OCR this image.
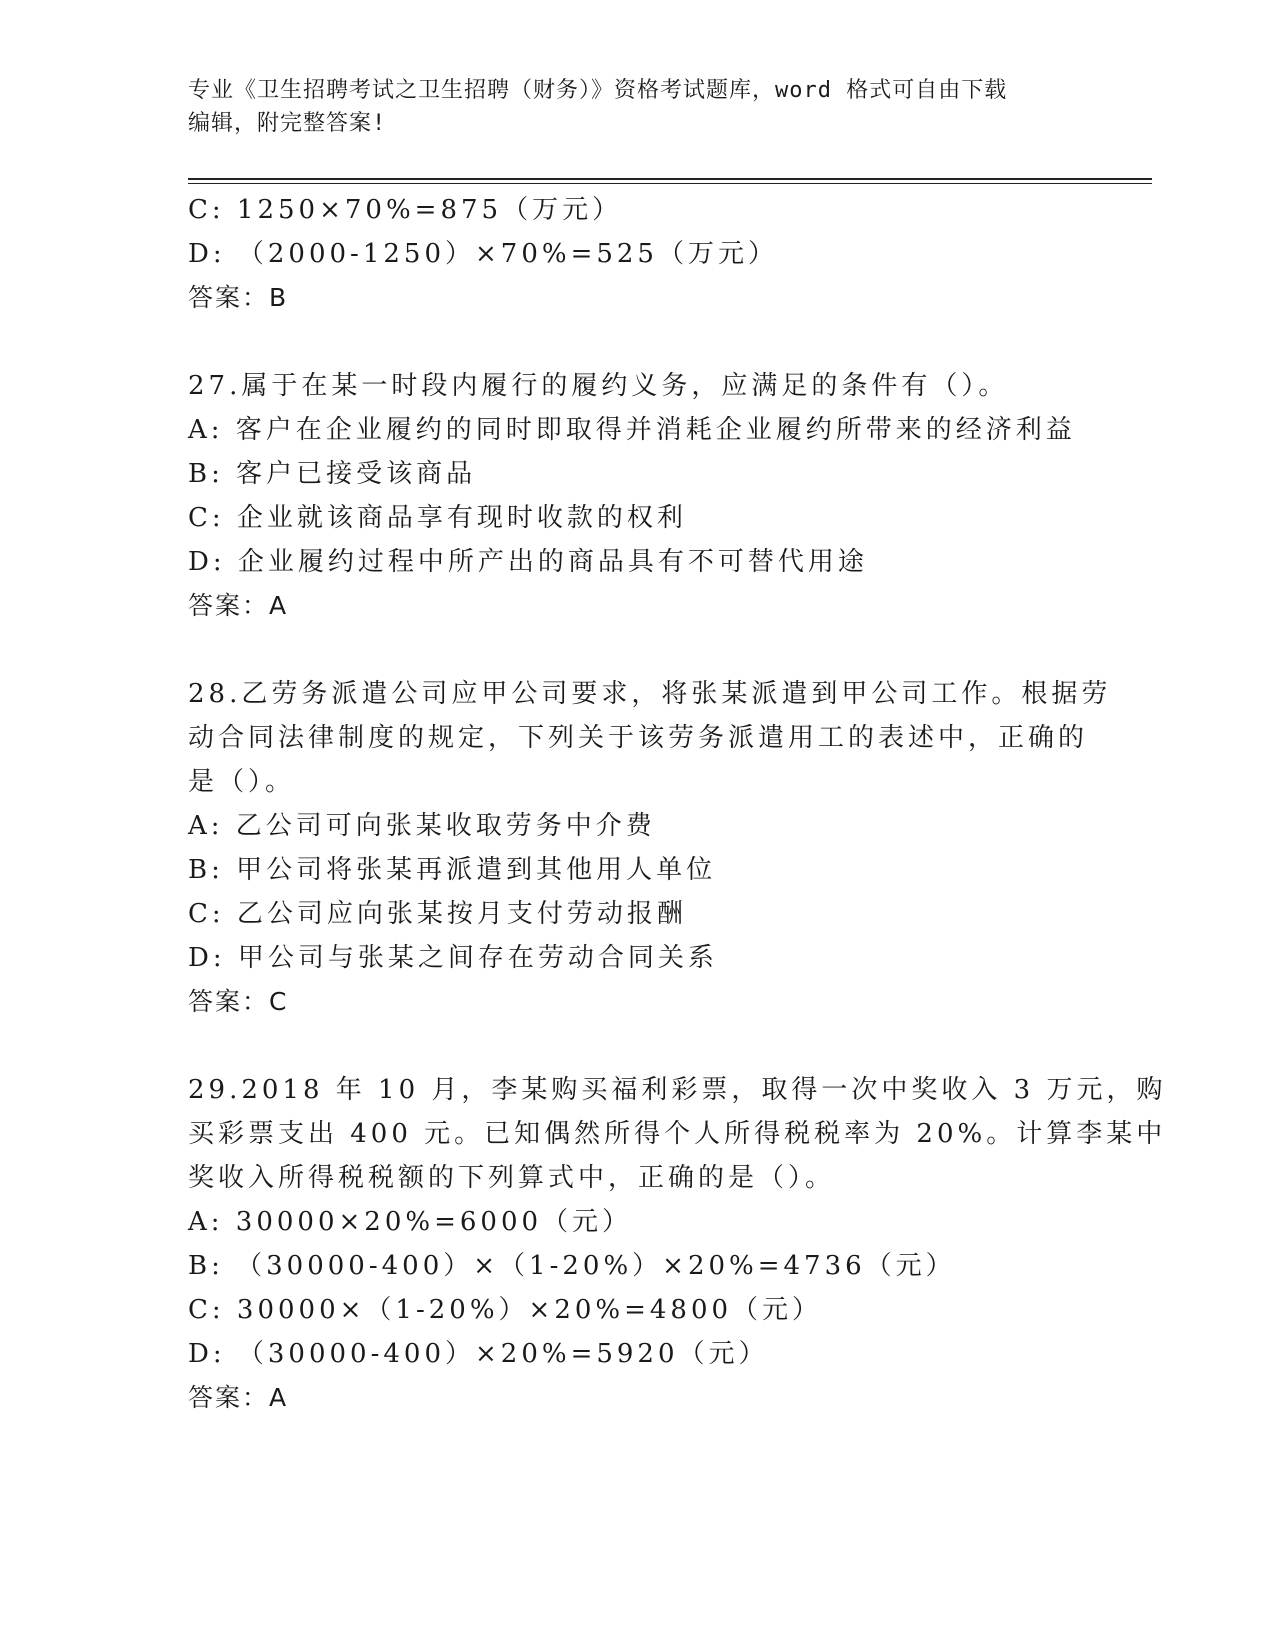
专业《卫生招聘考试之卫生招聘（财务）》资格考试题库，word 格式可自由下载
编辑，附完整答案!
C: 1250×70%=875（万元）
D: （2000-1250）×70%=525（万元）
答案：B
27.属于在某一时段内履行的履约义务，应满足的条件有（）。
A: 客户在企业履约的同时即取得并消耗企业履约所带来的经济利益
B: 客户已接受该商品
C: 企业就该商品享有现时收款的权利
D: 企业履约过程中所产出的商品具有不可替代用途
答案：A
28.乙劳务派遣公司应甲公司要求，将张某派遣到甲公司工作。根据劳
动合同法律制度的规定，下列关于该劳务派遣用工的表述中，正确的
是（）。
A: 乙公司可向张某收取劳务中介费
B: 甲公司将张某再派遣到其他用人单位
C: 乙公司应向张某按月支付劳动报酬
D: 甲公司与张某之间存在劳动合同关系
答案：C
29.2018 年 10 月，李某购买福利彩票，取得一次中奖收入 3 万元，购
买彩票支出 400 元。已知偶然所得个人所得税税率为 20%。计算李某中
奖收入所得税税额的下列算式中，正确的是（）。
A: 30000×20%=6000（元）
B: （30000-400）×（1-20%）×20%=4736（元）
C: 30000×（1-20%）×20%=4800（元）
D: （30000-400）×20%=5920（元）
答案：A
